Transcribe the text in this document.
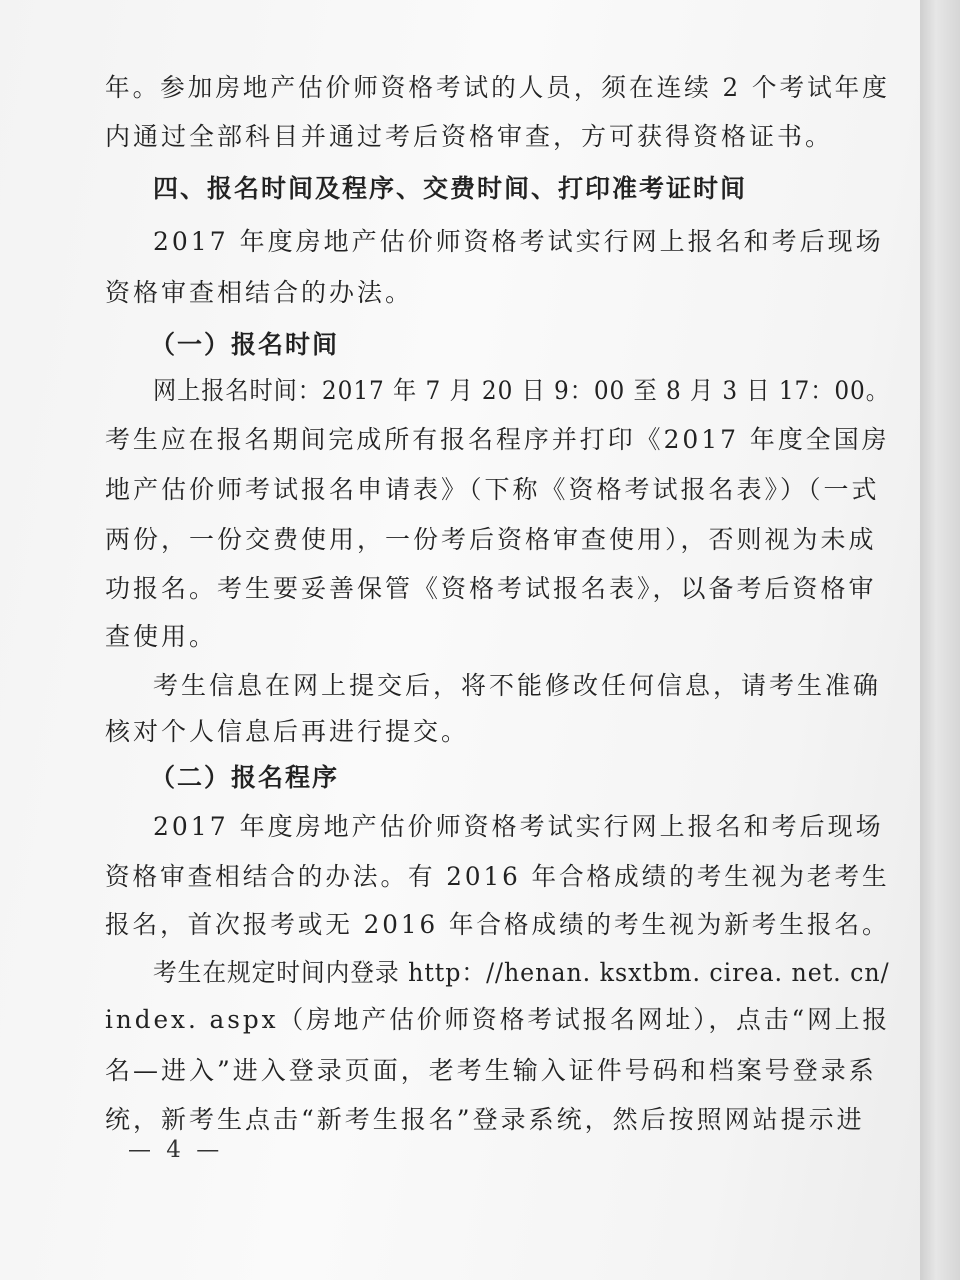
年。参加房地产估价师资格考试的人员，须在连续 2 个考试年度
内通过全部科目并通过考后资格审查，方可获得资格证书。
四、报名时间及程序、交费时间、打印准考证时间
2017 年度房地产估价师资格考试实行网上报名和考后现场
资格审查相结合的办法。
（一）报名时间
网上报名时间：2017 年 7 月 20 日 9：00 至 8 月 3 日 17：00。
考生应在报名期间完成所有报名程序并打印《2017 年度全国房
地产估价师考试报名申请表》（下称《资格考试报名表》）（一式
两份，一份交费使用，一份考后资格审查使用），否则视为未成
功报名。考生要妥善保管《资格考试报名表》，以备考后资格审
查使用。
考生信息在网上提交后，将不能修改任何信息，请考生准确
核对个人信息后再进行提交。
（二）报名程序
2017 年度房地产估价师资格考试实行网上报名和考后现场
资格审查相结合的办法。有 2016 年合格成绩的考生视为老考生
报名，首次报考或无 2016 年合格成绩的考生视为新考生报名。
考生在规定时间内登录 http：//henan. ksxtbm. cirea. net. cn/
index. aspx（房地产估价师资格考试报名网址），点击“网上报
名—进入”进入登录页面，老考生输入证件号码和档案号登录系
统，新考生点击“新考生报名”登录系统，然后按照网站提示进
— 4 —
